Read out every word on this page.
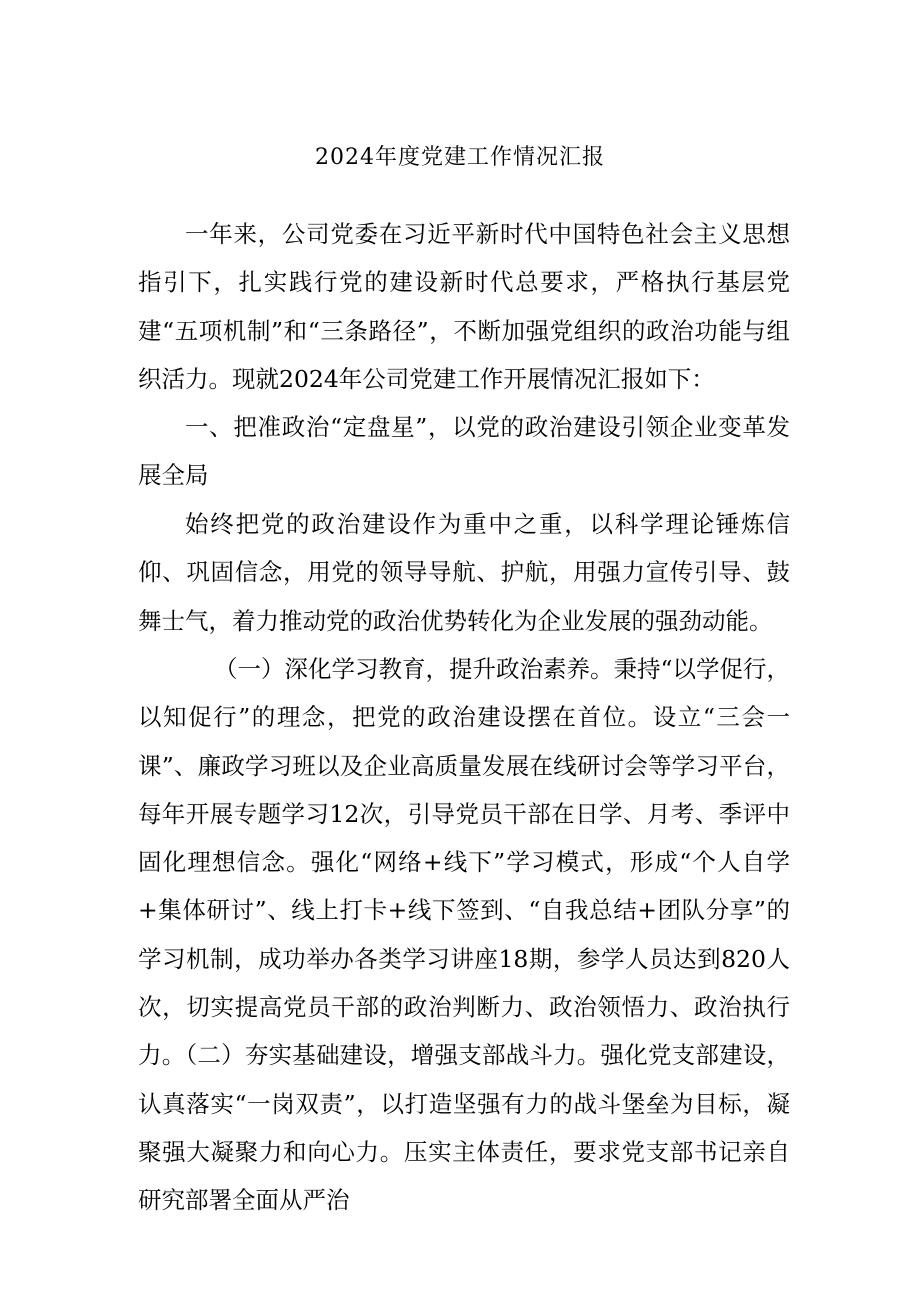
2024年度党建工作情况汇报

一年来，公司党委在习近平新时代中国特色社会主义思想指引下，扎实践行党的建设新时代总要求，严格执行基层党建“五项机制”和“三条路径”，不断加强党组织的政治功能与组织活力。现就2024年公司党建工作开展情况汇报如下：

一、把准政治“定盘星”，以党的政治建设引领企业变革发展全局

始终把党的政治建设作为重中之重，以科学理论锤炼信仰、巩固信念，用党的领导导航、护航，用强力宣传引导、鼓舞士气，着力推动党的政治优势转化为企业发展的强劲动能。

（一）深化学习教育，提升政治素养。秉持“以学促行，以知促行”的理念，把党的政治建设摆在首位。设立“三会一课”、廉政学习班以及企业高质量发展在线研讨会等学习平台，每年开展专题学习12次，引导党员干部在日学、月考、季评中固化理想信念。强化“网络+线下”学习模式，形成“个人自学+集体研讨”、线上打卡+线下签到、“自我总结+团队分享”的学习机制，成功举办各类学习讲座18期，参学人员达到820人次，切实提高党员干部的政治判断力、政治领悟力、政治执行力。（二）夯实基础建设，增强支部战斗力。强化党支部建设，认真落实“一岗双责”，以打造坚强有力的战斗堡垒为目标，凝聚强大凝聚力和向心力。压实主体责任，要求党支部书记亲自研究部署全面从严治
